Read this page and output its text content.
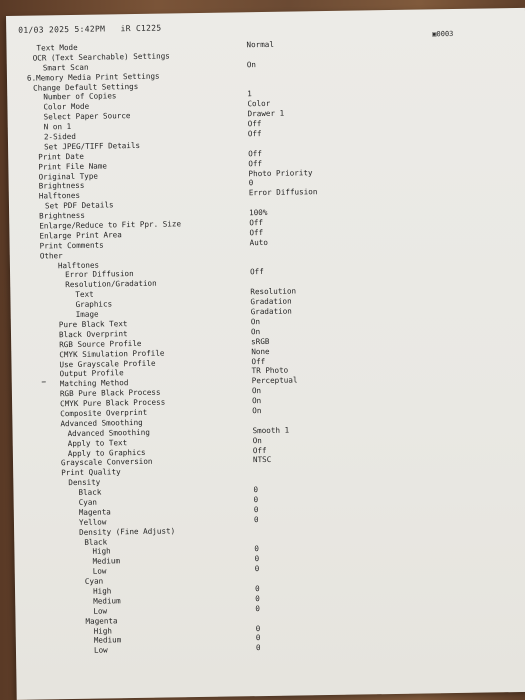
01/03 2025 5:42PM iR C1225
▣0003
Text Mode	Normal
OCR (Text Searchable) Settings
Smart Scan	On
6.Memory Media Print Settings
Change Default Settings
Number of Copies	1
Color Mode	Color
Select Paper Source	Drawer 1
N on 1	Off
2-Sided	Off
Set JPEG/TIFF Details
Print Date	Off
Print File Name	Off
Original Type	Photo Priority
Brightness	0
Halftones	Error Diffusion
Set PDF Details
Brightness	100%
Enlarge/Reduce to Fit Ppr. Size	Off
Enlarge Print Area	Off
Print Comments	Auto
Other
Halftones
Error Diffusion	Off
Resolution/Gradation
Text	Resolution
Graphics	Gradation
Image	Gradation
Pure Black Text	On
Black Overprint	On
RGB Source Profile	sRGB
CMYK Simulation Profile	None
Use Grayscale Profile	Off
Output Profile	TR Photo
Matching Method	Perceptual
RGB Pure Black Process	On
CMYK Pure Black Process	On
Composite Overprint	On
Advanced Smoothing
Advanced Smoothing	Smooth 1
Apply to Text	On
Apply to Graphics	Off
Grayscale Conversion	NTSC
Print Quality
Density
Black	0
Cyan	0
Magenta	0
Yellow	0
Density (Fine Adjust)
Black
High	0
Medium	0
Low	0
Cyan
High	0
Medium	0
Low	0
Magenta
High	0
Medium	0
Low	0
